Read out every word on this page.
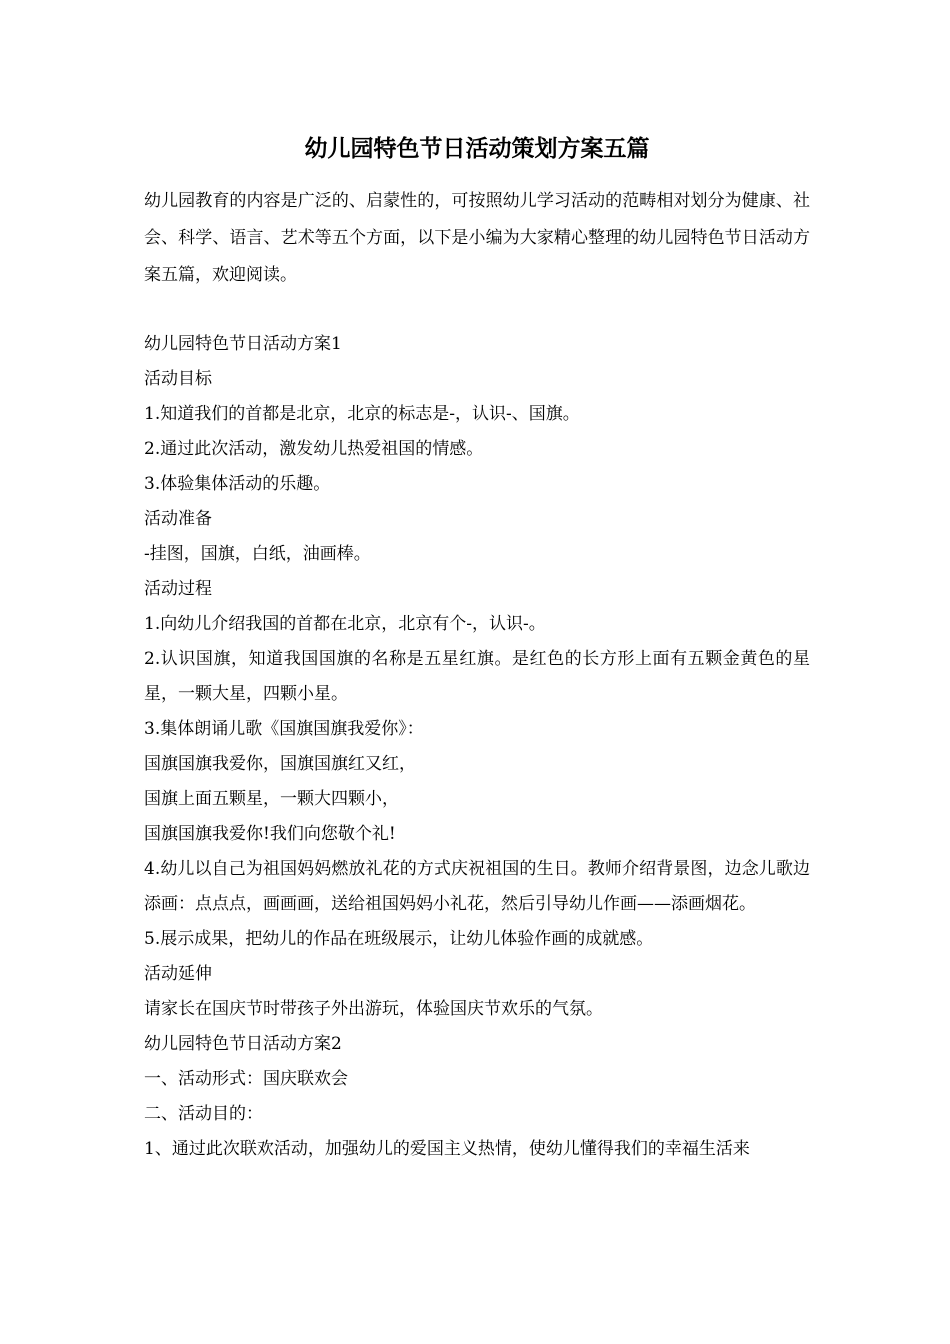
幼儿园特色节日活动策划方案五篇

幼儿园教育的内容是广泛的、启蒙性的，可按照幼儿学习活动的范畴相对划分为健康、社会、科学、语言、艺术等五个方面，以下是小编为大家精心整理的幼儿园特色节日活动方案五篇，欢迎阅读。

幼儿园特色节日活动方案1
活动目标
1.知道我们的首都是北京，北京的标志是-，认识-、国旗。
2.通过此次活动，激发幼儿热爱祖国的情感。
3.体验集体活动的乐趣。
活动准备
-挂图，国旗，白纸，油画棒。
活动过程
1.向幼儿介绍我国的首都在北京，北京有个-，认识-。
2.认识国旗，知道我国国旗的名称是五星红旗。是红色的长方形上面有五颗金黄色的星星，一颗大星，四颗小星。
3.集体朗诵儿歌《国旗国旗我爱你》：
国旗国旗我爱你，国旗国旗红又红，
国旗上面五颗星，一颗大四颗小，
国旗国旗我爱你!我们向您敬个礼!
4.幼儿以自己为祖国妈妈燃放礼花的方式庆祝祖国的生日。教师介绍背景图，边念儿歌边添画：点点点，画画画，送给祖国妈妈小礼花，然后引导幼儿作画——添画烟花。
5.展示成果，把幼儿的作品在班级展示，让幼儿体验作画的成就感。
活动延伸
请家长在国庆节时带孩子外出游玩，体验国庆节欢乐的气氛。
幼儿园特色节日活动方案2
一、活动形式：国庆联欢会
二、活动目的：
1、通过此次联欢活动，加强幼儿的爱国主义热情，使幼儿懂得我们的幸福生活来
